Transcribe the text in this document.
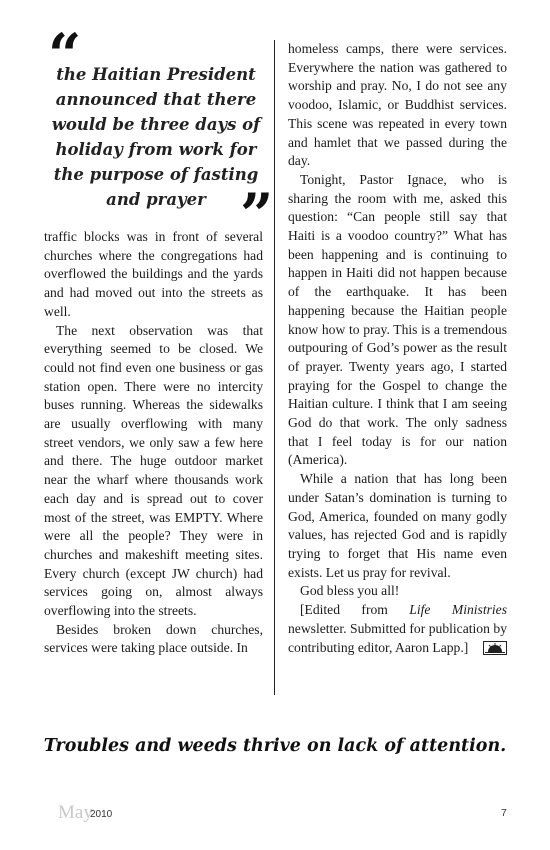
“
the Haitian President announced that there would be three days of holiday from work for the purpose of fasting and prayer ”

traffic blocks was in front of several churches where the congregations had overflowed the buildings and the yards and had moved out into the streets as well.

The next observation was that everything seemed to be closed. We could not find even one business or gas station open. There were no intercity buses running. Whereas the sidewalks are usually overflowing with many street vendors, we only saw a few here and there. The huge outdoor market near the wharf where thousands work each day and is spread out to cover most of the street, was EMPTY. Where were all the people? They were in churches and makeshift meeting sites. Every church (except JW church) had services going on, almost always overflowing into the streets.

Besides broken down churches, services were taking place outside. In

homeless camps, there were services. Everywhere the nation was gathered to worship and pray. No, I do not see any voodoo, Islamic, or Buddhist services. This scene was repeated in every town and hamlet that we passed during the day.

Tonight, Pastor Ignace, who is sharing the room with me, asked this question: “Can people still say that Haiti is a voodoo country?” What has been happening and is continuing to happen in Haiti did not happen because of the earthquake. It has been happening because the Haitian people know how to pray. This is a tremendous outpouring of God’s power as the result of prayer. Twenty years ago, I started praying for the Gospel to change the Haitian culture. I think that I am seeing God do that work. The only sadness that I feel today is for our nation (America).

While a nation that has long been under Satan’s domination is turning to God, America, founded on many godly values, has rejected God and is rapidly trying to forget that His name even exists. Let us pray for revival.

God bless you all!

[Edited from Life Ministries newsletter. Submitted for publication by contributing editor, Aaron Lapp.]

Troubles and weeds thrive on lack of attention.
May
2010	7
